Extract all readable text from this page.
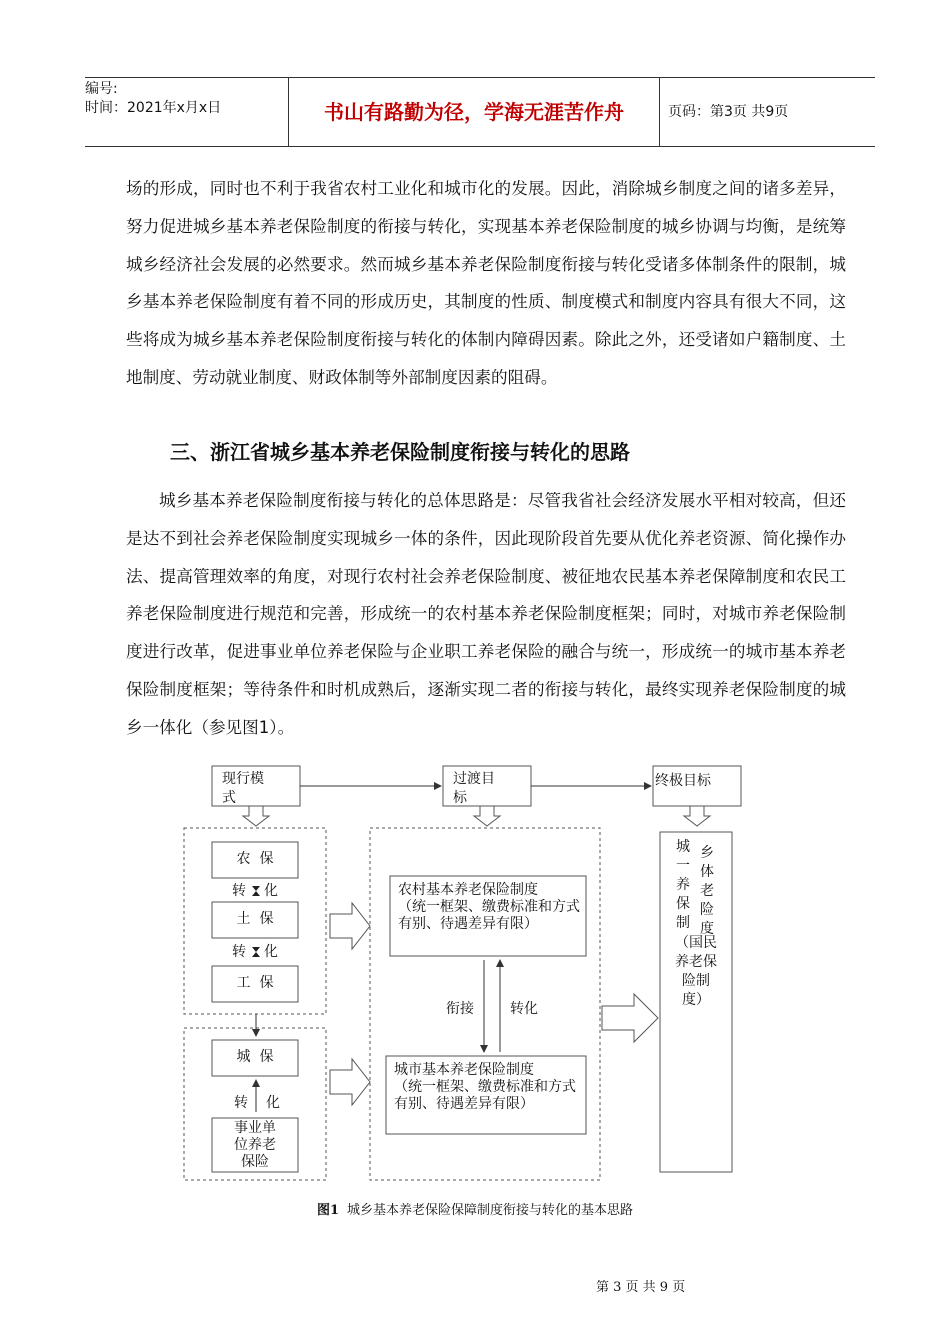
编号:
时间：2021年x月x日	书山有路勤为径，学海无涯苦作舟	页码：第3页 共9页
场的形成，同时也不利于我省农村工业化和城市化的发展。因此，消除城乡制度之间的诸多差异，努力促进城乡基本养老保险制度的衔接与转化，实现基本养老保险制度的城乡协调与均衡，是统筹城乡经济社会发展的必然要求。然而城乡基本养老保险制度衔接与转化受诸多体制条件的限制，城乡基本养老保险制度有着不同的形成历史，其制度的性质、制度模式和制度内容具有很大不同，这些将成为城乡基本养老保险制度衔接与转化的体制内障碍因素。除此之外，还受诸如户籍制度、土地制度、劳动就业制度、财政体制等外部制度因素的阻碍。
三、浙江省城乡基本养老保险制度衔接与转化的思路
城乡基本养老保险制度衔接与转化的总体思路是：尽管我省社会经济发展水平相对较高，但还是达不到社会养老保险制度实现城乡一体的条件，因此现阶段首先要从优化养老资源、简化操作办法、提高管理效率的角度，对现行农村社会养老保险制度、被征地农民基本养老保障制度和农民工养老保险制度进行规范和完善，形成统一的农村基本养老保险制度框架；同时，对城市养老保险制度进行改革，促进事业单位养老保险与企业职工养老保险的融合与统一，形成统一的城市基本养老保险制度框架；等待条件和时机成熟后，逐渐实现二者的衔接与转化，最终实现养老保险制度的城乡一体化（参见图1）。
现行模
式
过渡目
标
终极目标
农  保
转 化
土  保
转 化
工  保
城  保
转 化
事业单
位养老
保险
农村基本养老保险制度
（统一框架、缴费标准和方式有别、待遇差异有限）
衔接	转化
城市基本养老保险制度
（统一框架、缴费标准和方式有别、待遇差异有限）
城
一
养
保
制
乡
体
老
险
度
（国民
养老保
险制
度）
图1 城乡基本养老保险保障制度衔接与转化的基本思路
第 3 页 共 9 页
